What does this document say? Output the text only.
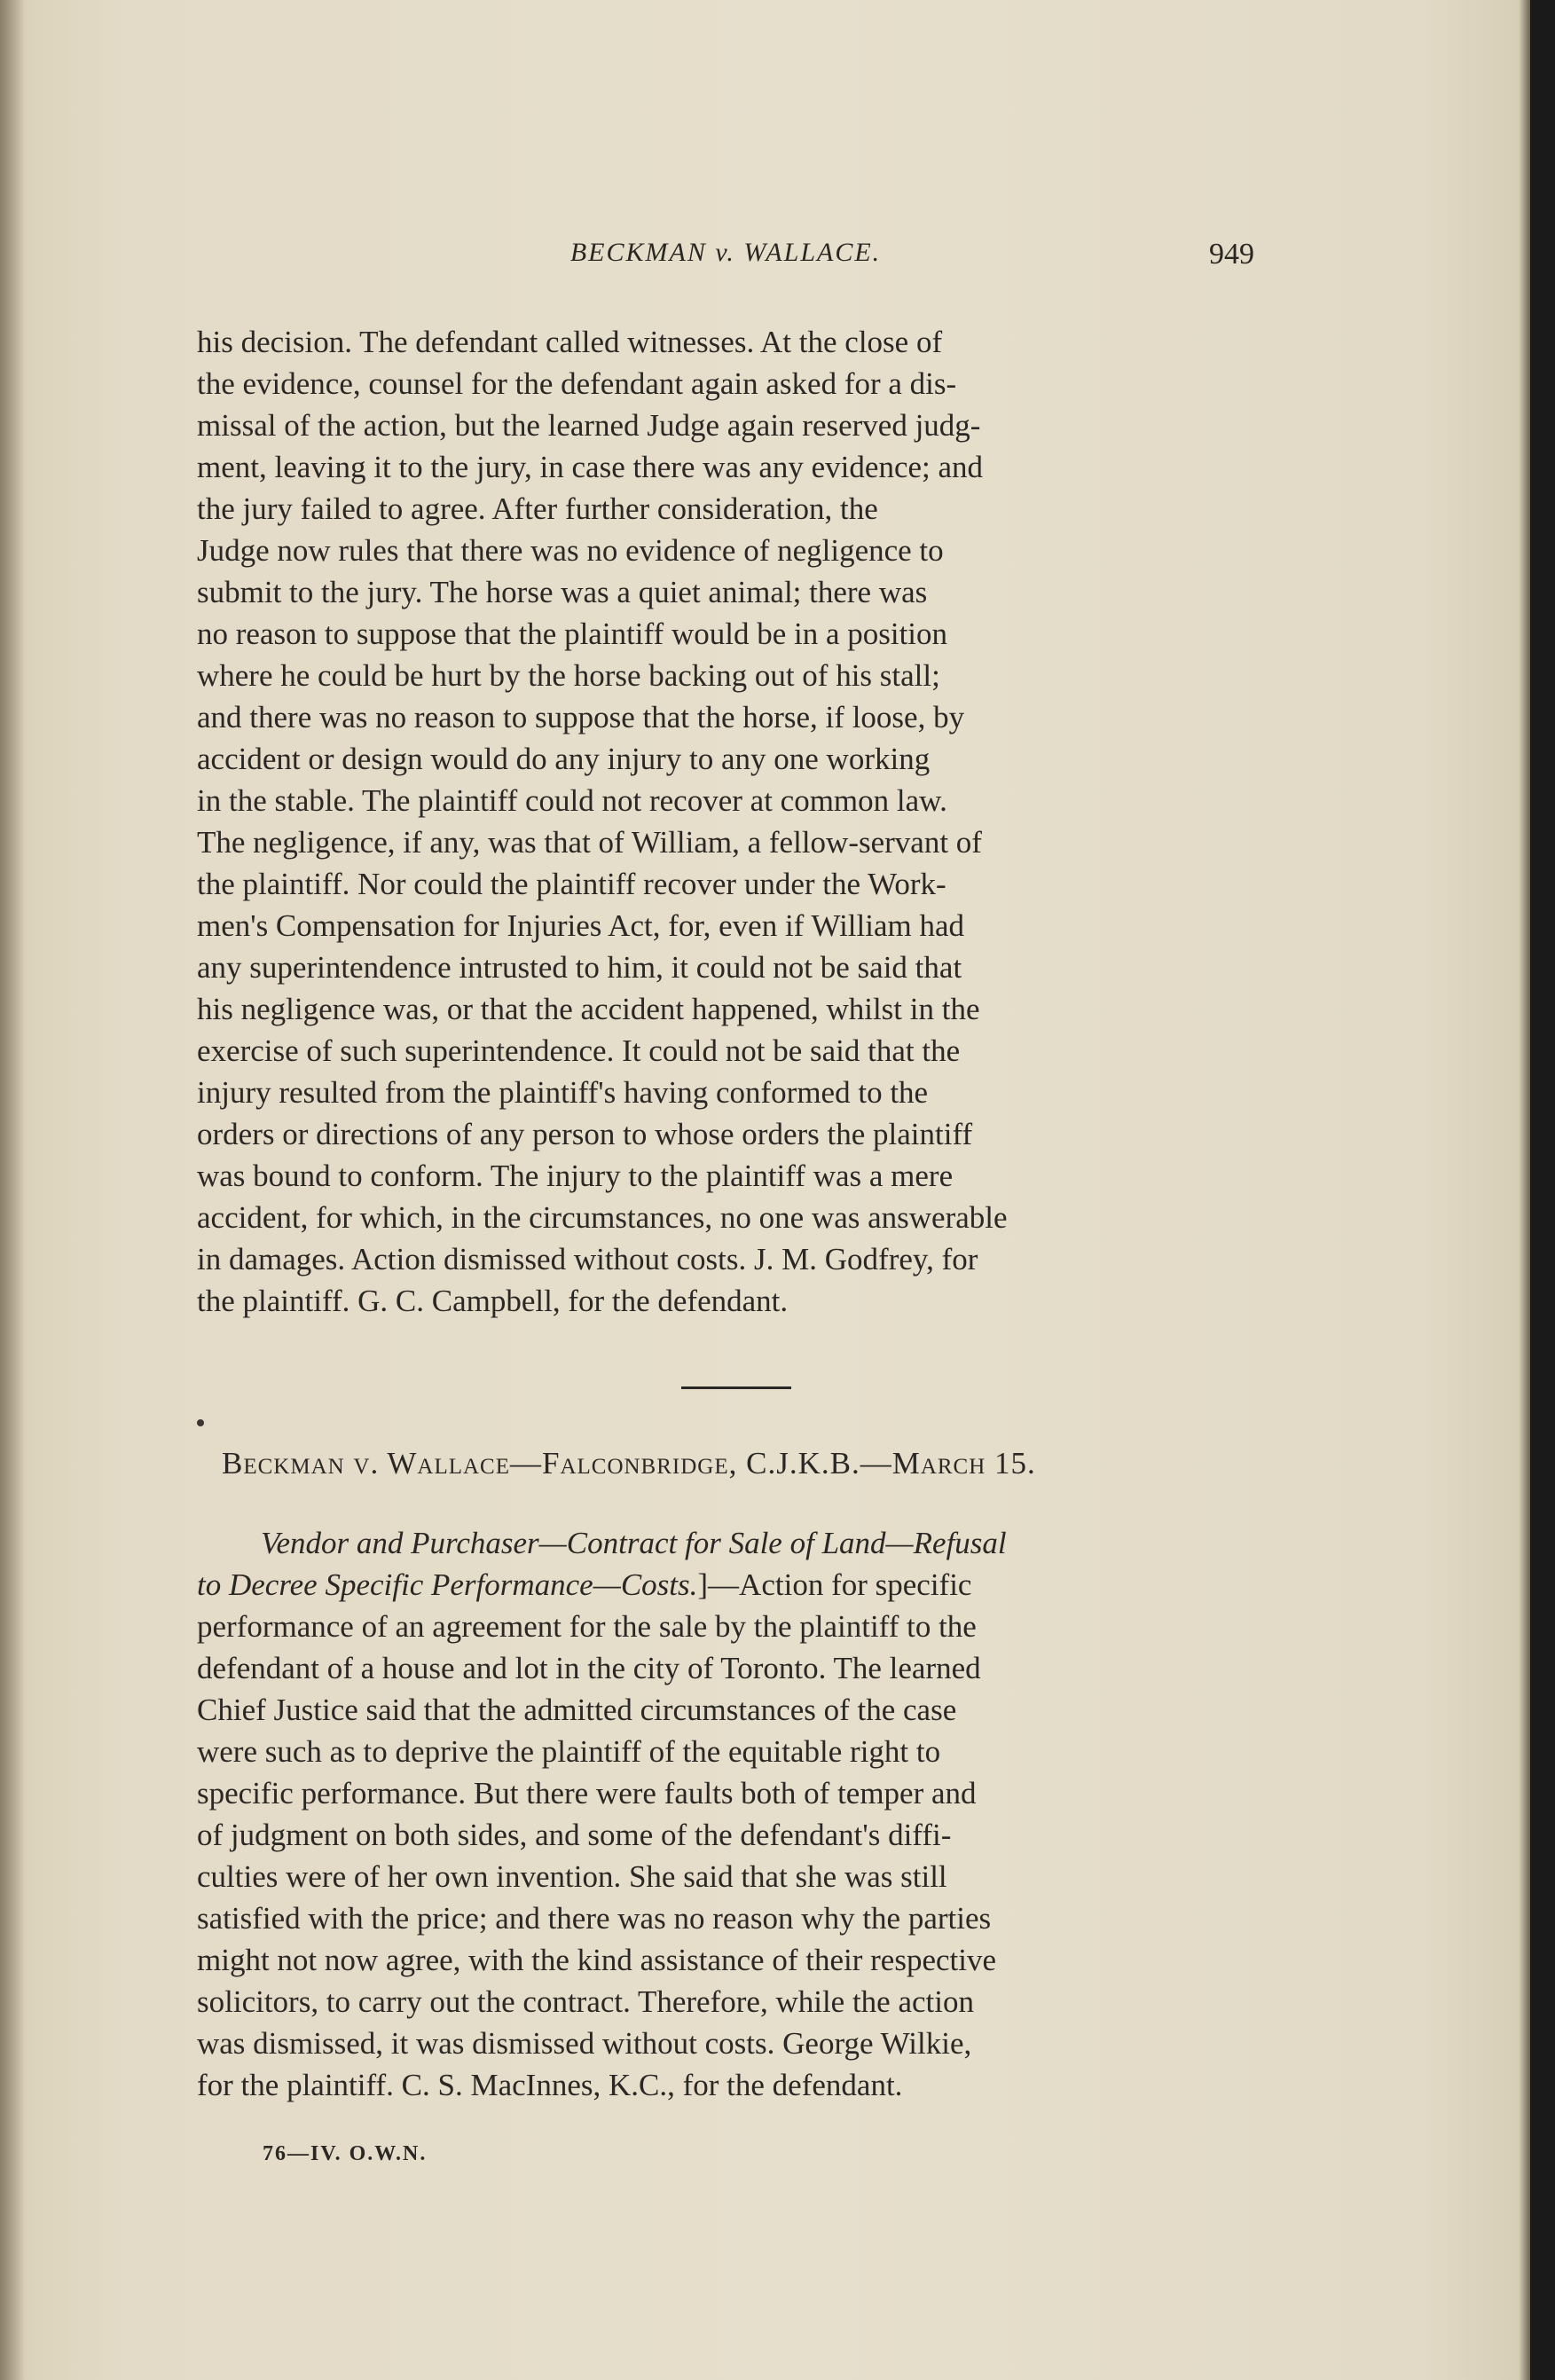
BECKMAN v. WALLACE.	949
his decision. The defendant called witnesses. At the close of
the evidence, counsel for the defendant again asked for a dis-
missal of the action, but the learned Judge again reserved judg-
ment, leaving it to the jury, in case there was any evidence; and
the jury failed to agree. After further consideration, the
Judge now rules that there was no evidence of negligence to
submit to the jury. The horse was a quiet animal; there was
no reason to suppose that the plaintiff would be in a position
where he could be hurt by the horse backing out of his stall;
and there was no reason to suppose that the horse, if loose, by
accident or design would do any injury to any one working
in the stable. The plaintiff could not recover at common law.
The negligence, if any, was that of William, a fellow-servant of
the plaintiff. Nor could the plaintiff recover under the Work-
men's Compensation for Injuries Act, for, even if William had
any superintendence intrusted to him, it could not be said that
his negligence was, or that the accident happened, whilst in the
exercise of such superintendence. It could not be said that the
injury resulted from the plaintiff's having conformed to the
orders or directions of any person to whose orders the plaintiff
was bound to conform. The injury to the plaintiff was a mere
accident, for which, in the circumstances, no one was answerable
in damages. Action dismissed without costs. J. M. Godfrey, for
the plaintiff. G. C. Campbell, for the defendant.
Beckman v. Wallace—Falconbridge, C.J.K.B.—March 15.
Vendor and Purchaser—Contract for Sale of Land—Refusal
to Decree Specific Performance—Costs.]—Action for specific
performance of an agreement for the sale by the plaintiff to the
defendant of a house and lot in the city of Toronto. The learned
Chief Justice said that the admitted circumstances of the case
were such as to deprive the plaintiff of the equitable right to
specific performance. But there were faults both of temper and
of judgment on both sides, and some of the defendant's diffi-
culties were of her own invention. She said that she was still
satisfied with the price; and there was no reason why the parties
might not now agree, with the kind assistance of their respective
solicitors, to carry out the contract. Therefore, while the action
was dismissed, it was dismissed without costs. George Wilkie,
for the plaintiff. C. S. MacInnes, K.C., for the defendant.
76—IV. O.W.N.
